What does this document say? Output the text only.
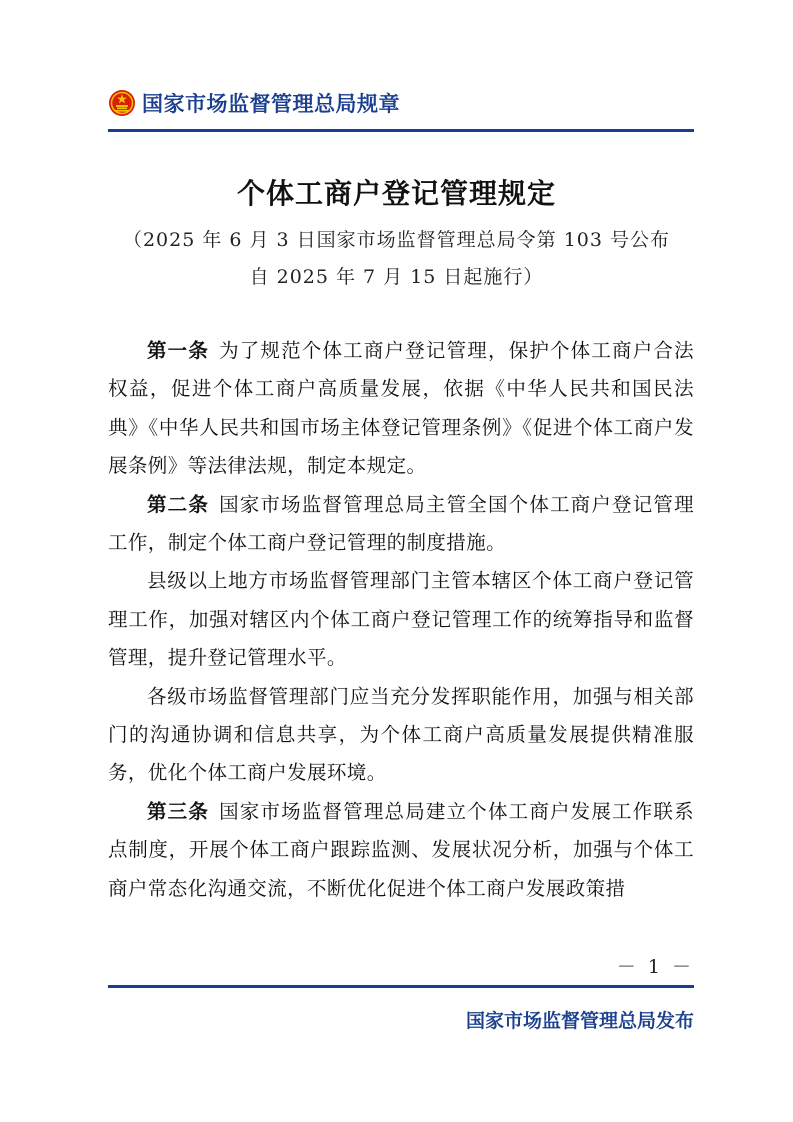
国家市场监督管理总局规章
个体工商户登记管理规定
（2025 年 6 月 3 日国家市场监督管理总局令第 103 号公布
自 2025 年 7 月 15 日起施行）

第一条 为了规范个体工商户登记管理，保护个体工商户合法权益，促进个体工商户高质量发展，依据《中华人民共和国民法典》《中华人民共和国市场主体登记管理条例》《促进个体工商户发展条例》等法律法规，制定本规定。

第二条 国家市场监督管理总局主管全国个体工商户登记管理工作，制定个体工商户登记管理的制度措施。

县级以上地方市场监督管理部门主管本辖区个体工商户登记管理工作，加强对辖区内个体工商户登记管理工作的统筹指导和监督管理，提升登记管理水平。

各级市场监督管理部门应当充分发挥职能作用，加强与相关部门的沟通协调和信息共享，为个体工商户高质量发展提供精准服务，优化个体工商户发展环境。

第三条 国家市场监督管理总局建立个体工商户发展工作联系点制度，开展个体工商户跟踪监测、发展状况分析，加强与个体工商户常态化沟通交流，不断优化促进个体工商户发展政策措

－ 1 －
国家市场监督管理总局发布
